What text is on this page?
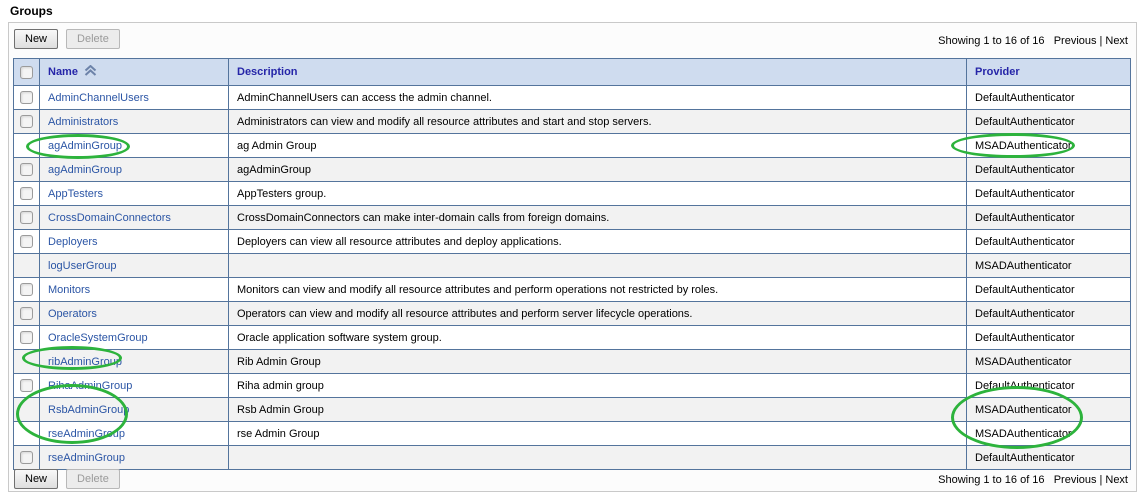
Groups
New	Delete	Showing 1 to 16 of 16 Previous | Next
	Name	Description	Provider
	AdminChannelUsers	AdminChannelUsers can access the admin channel.	DefaultAuthenticator
	Administrators	Administrators can view and modify all resource attributes and start and stop servers.	DefaultAuthenticator
	agAdminGroup	ag Admin Group	MSADAuthenticator
	agAdminGroup	agAdminGroup	DefaultAuthenticator
	AppTesters	AppTesters group.	DefaultAuthenticator
	CrossDomainConnectors	CrossDomainConnectors can make inter-domain calls from foreign domains.	DefaultAuthenticator
	Deployers	Deployers can view all resource attributes and deploy applications.	DefaultAuthenticator
	logUserGroup		MSADAuthenticator
	Monitors	Monitors can view and modify all resource attributes and perform operations not restricted by roles.	DefaultAuthenticator
	Operators	Operators can view and modify all resource attributes and perform server lifecycle operations.	DefaultAuthenticator
	OracleSystemGroup	Oracle application software system group.	DefaultAuthenticator
	ribAdminGroup	Rib Admin Group	MSADAuthenticator
	RihaAdminGroup	Riha admin group	DefaultAuthenticator
	RsbAdminGroup	Rsb Admin Group	MSADAuthenticator
	rseAdminGroup	rse Admin Group	MSADAuthenticator
	rseAdminGroup		DefaultAuthenticator
New	Delete	Showing 1 to 16 of 16 Previous | Next
